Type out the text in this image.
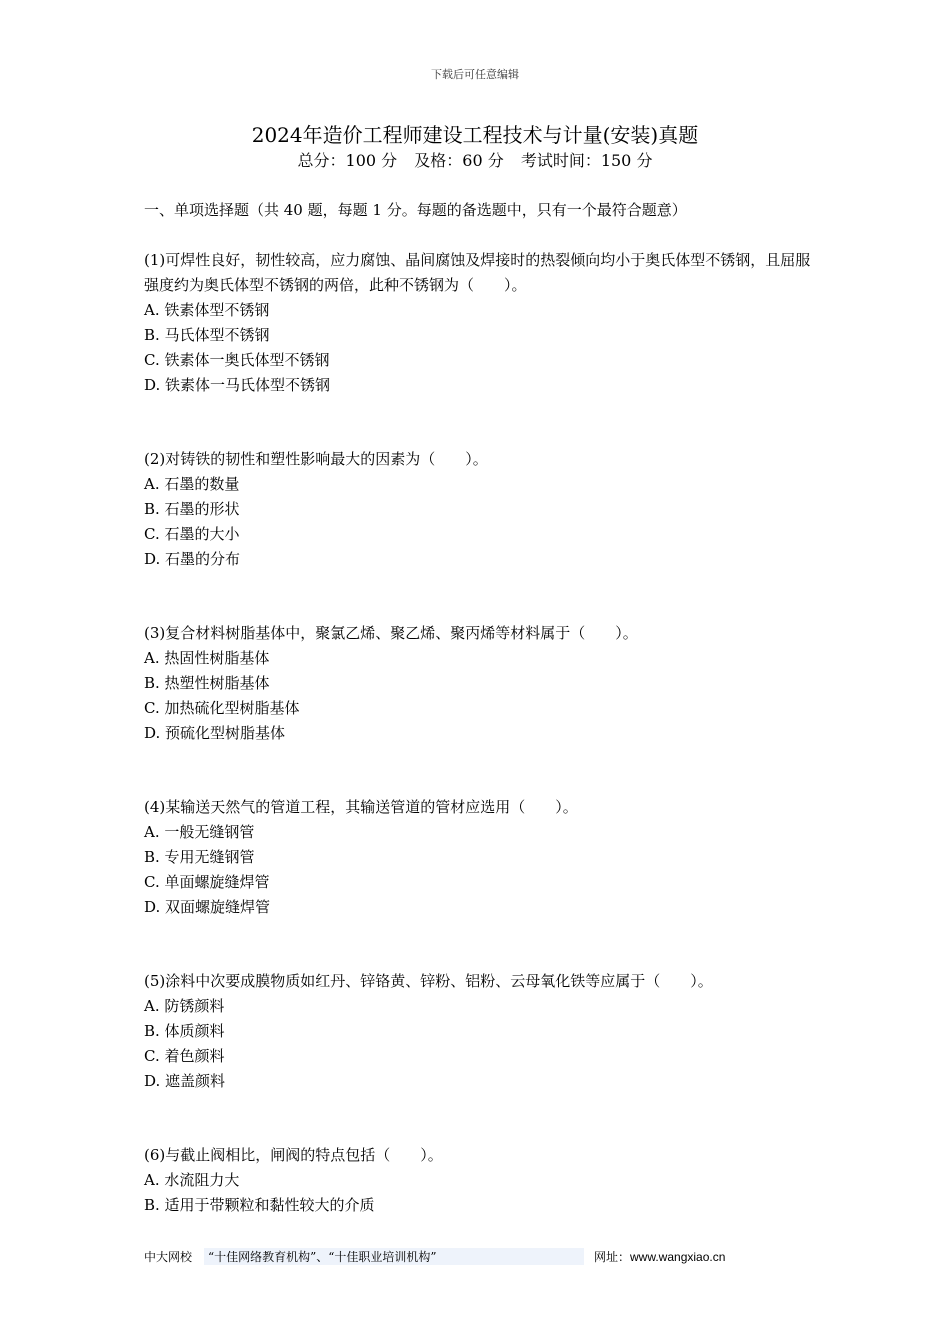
下载后可任意编辑
2024年造价工程师建设工程技术与计量(安装)真题
总分：100 分 及格：60 分 考试时间：150 分
一、单项选择题（共 40 题，每题 1 分。每题的备选题中，只有一个最符合题意）
(1)可焊性良好，韧性较高，应力腐蚀、晶间腐蚀及焊接时的热裂倾向均小于奥氏体型不锈钢，且屈服强度约为奥氏体型不锈钢的两倍，此种不锈钢为（　　）。
A. 铁素体型不锈钢
B. 马氏体型不锈钢
C. 铁素体一奥氏体型不锈钢
D. 铁素体一马氏体型不锈钢
(2)对铸铁的韧性和塑性影响最大的因素为（　　）。
A. 石墨的数量
B. 石墨的形状
C. 石墨的大小
D. 石墨的分布
(3)复合材料树脂基体中，聚氯乙烯、聚乙烯、聚丙烯等材料属于（　　）。
A. 热固性树脂基体
B. 热塑性树脂基体
C. 加热硫化型树脂基体
D. 预硫化型树脂基体
(4)某输送天然气的管道工程，其输送管道的管材应选用（　　）。
A. 一般无缝钢管
B. 专用无缝钢管
C. 单面螺旋缝焊管
D. 双面螺旋缝焊管
(5)涂料中次要成膜物质如红丹、锌铬黄、锌粉、铝粉、云母氧化铁等应属于（　　）。
A. 防锈颜料
B. 体质颜料
C. 着色颜料
D. 遮盖颜料
(6)与截止阀相比，闸阀的特点包括（　　）。
A. 水流阻力大
B. 适用于带颗粒和黏性较大的介质
中大网校	“十佳网络教育机构”、“十佳职业培训机构”	网址：www.wangxiao.cn
